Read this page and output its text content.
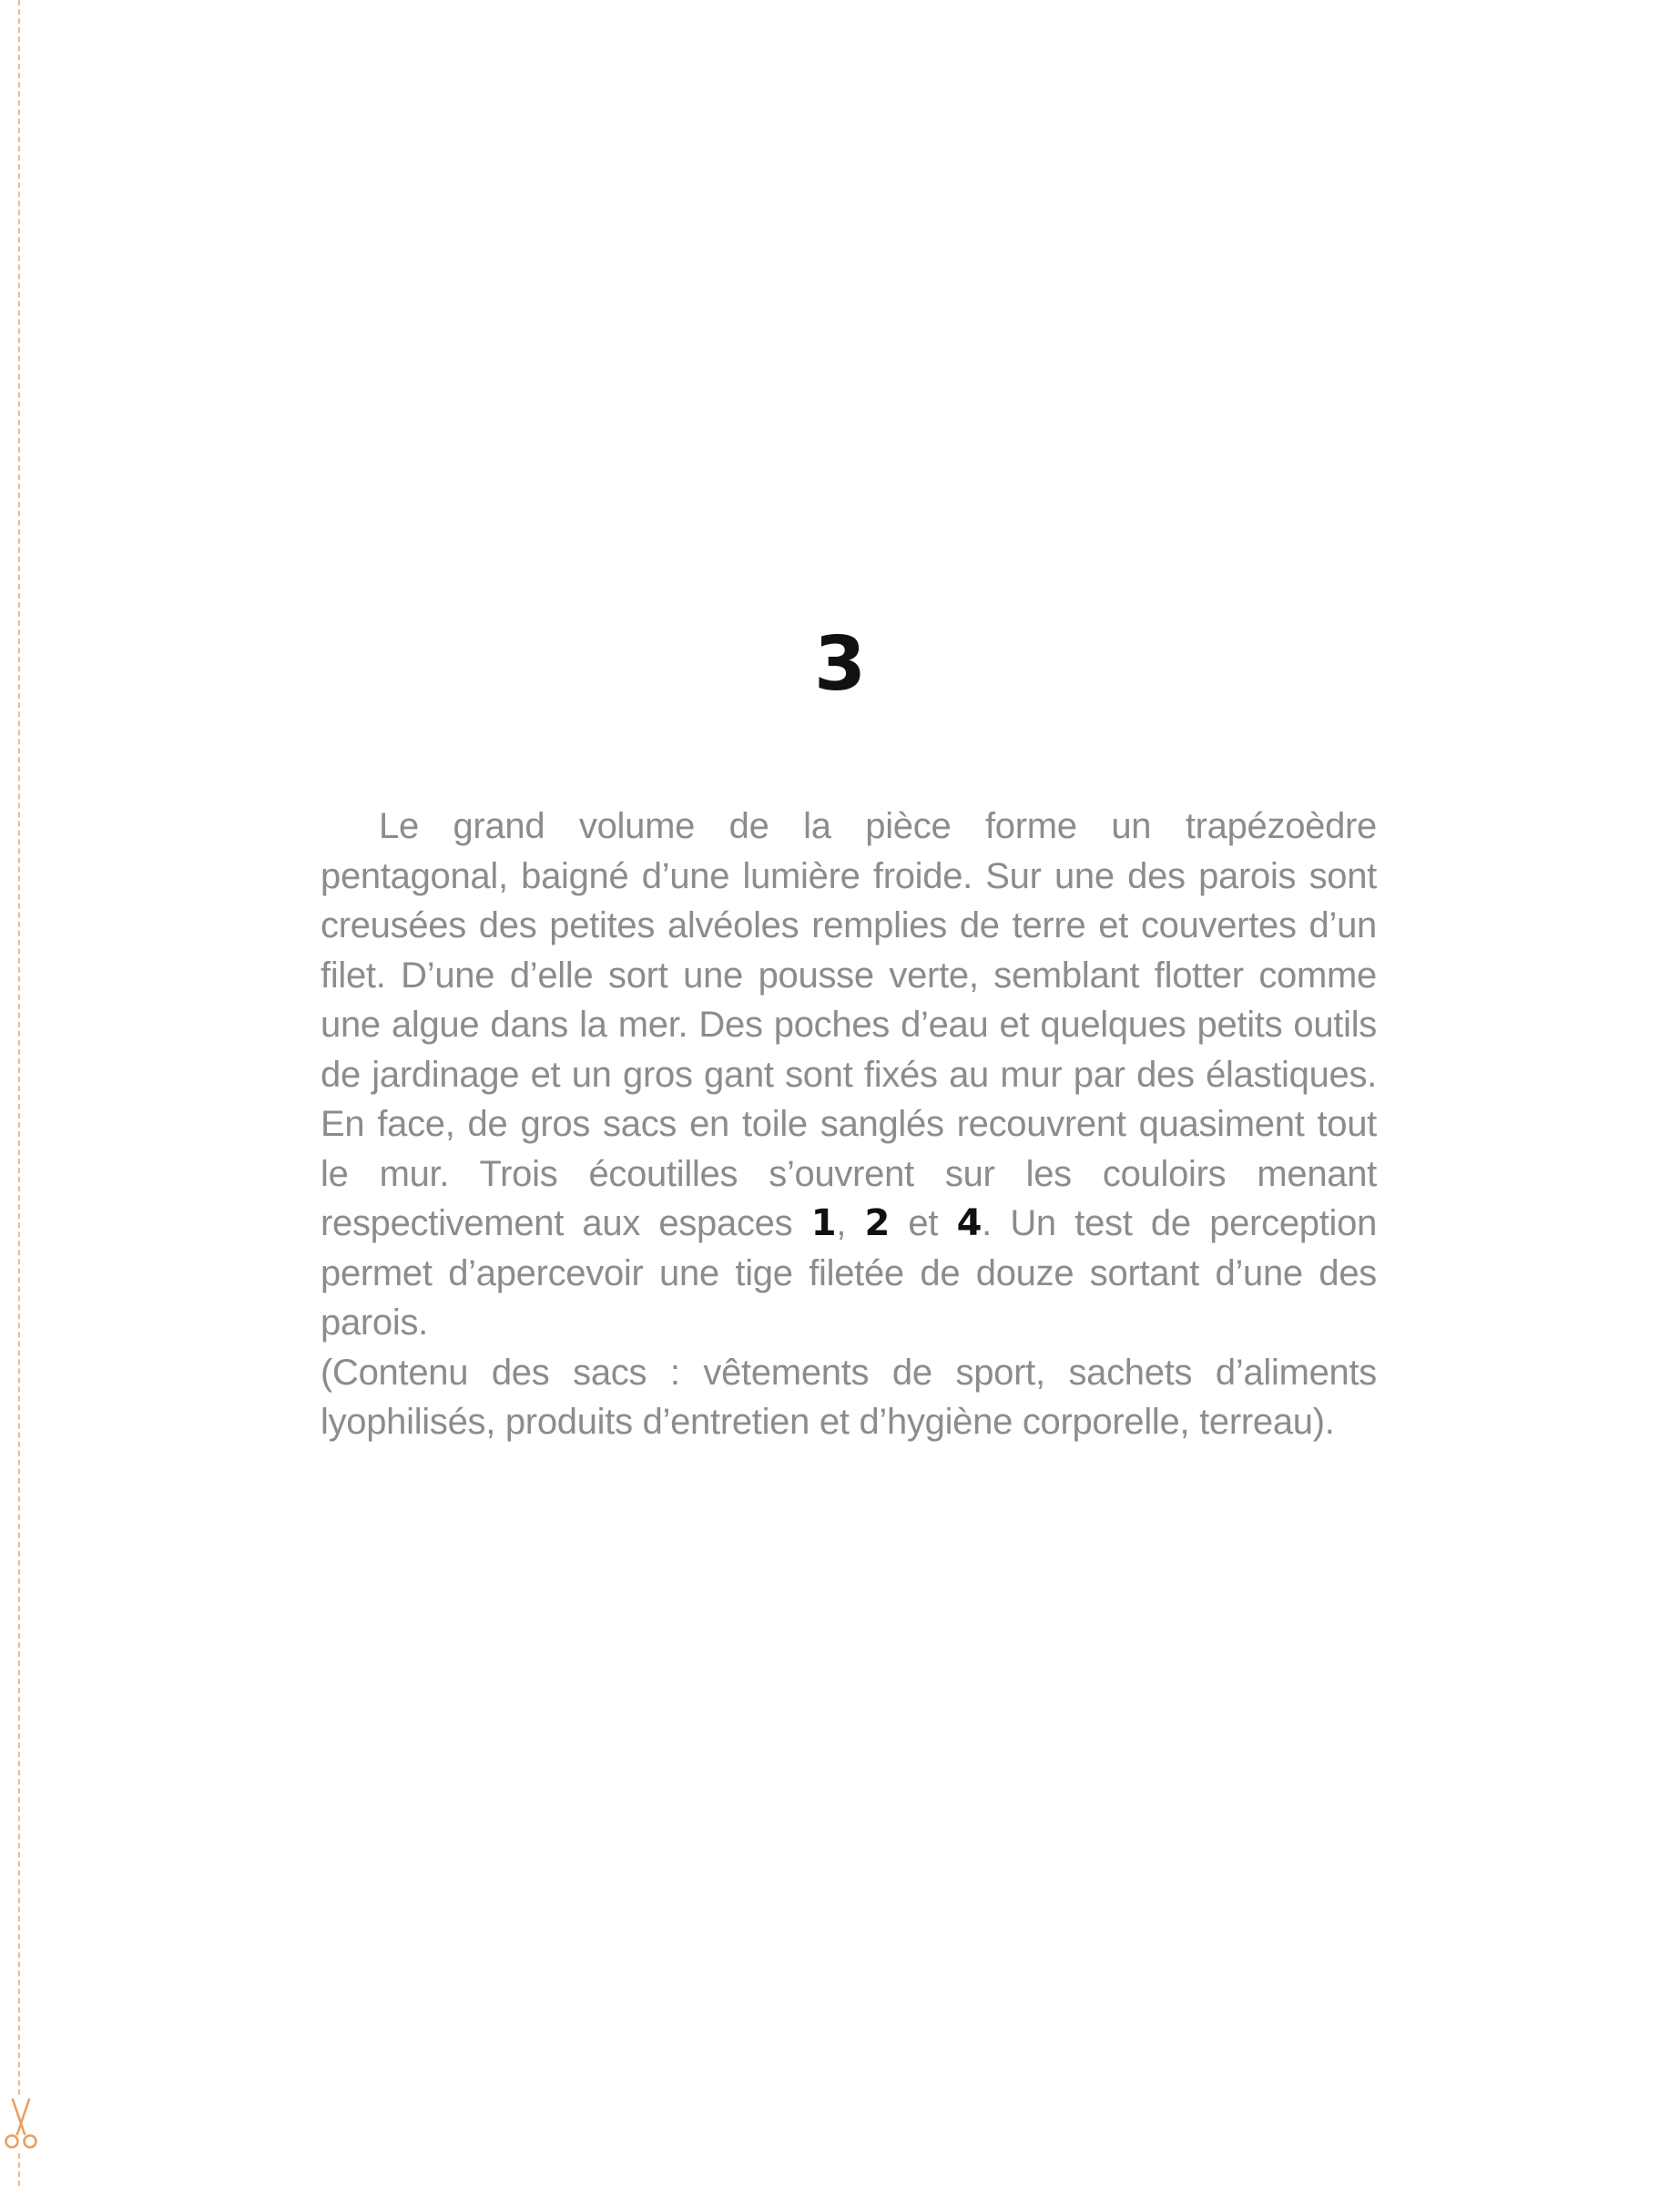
3

Le grand volume de la pièce forme un trapézoèdre pentagonal, baigné d’une lumière froide. Sur une des parois sont creusées des petites alvéoles remplies de terre et couvertes d’un filet. D’une d’elle sort une pousse verte, semblant flotter comme une algue dans la mer. Des poches d’eau et quelques petits outils de jardinage et un gros gant sont fixés au mur par des élastiques. En face, de gros sacs en toile sanglés recouvrent quasiment tout le mur. Trois écoutilles s’ouvrent sur les couloirs menant respectivement aux espaces 1, 2 et 4. Un test de perception permet d’apercevoir une tige filetée de douze sortant d’une des parois.

(Contenu des sacs : vêtements de sport, sachets d’aliments lyophilisés, produits d’entretien et d’hygiène corporelle, terreau).
